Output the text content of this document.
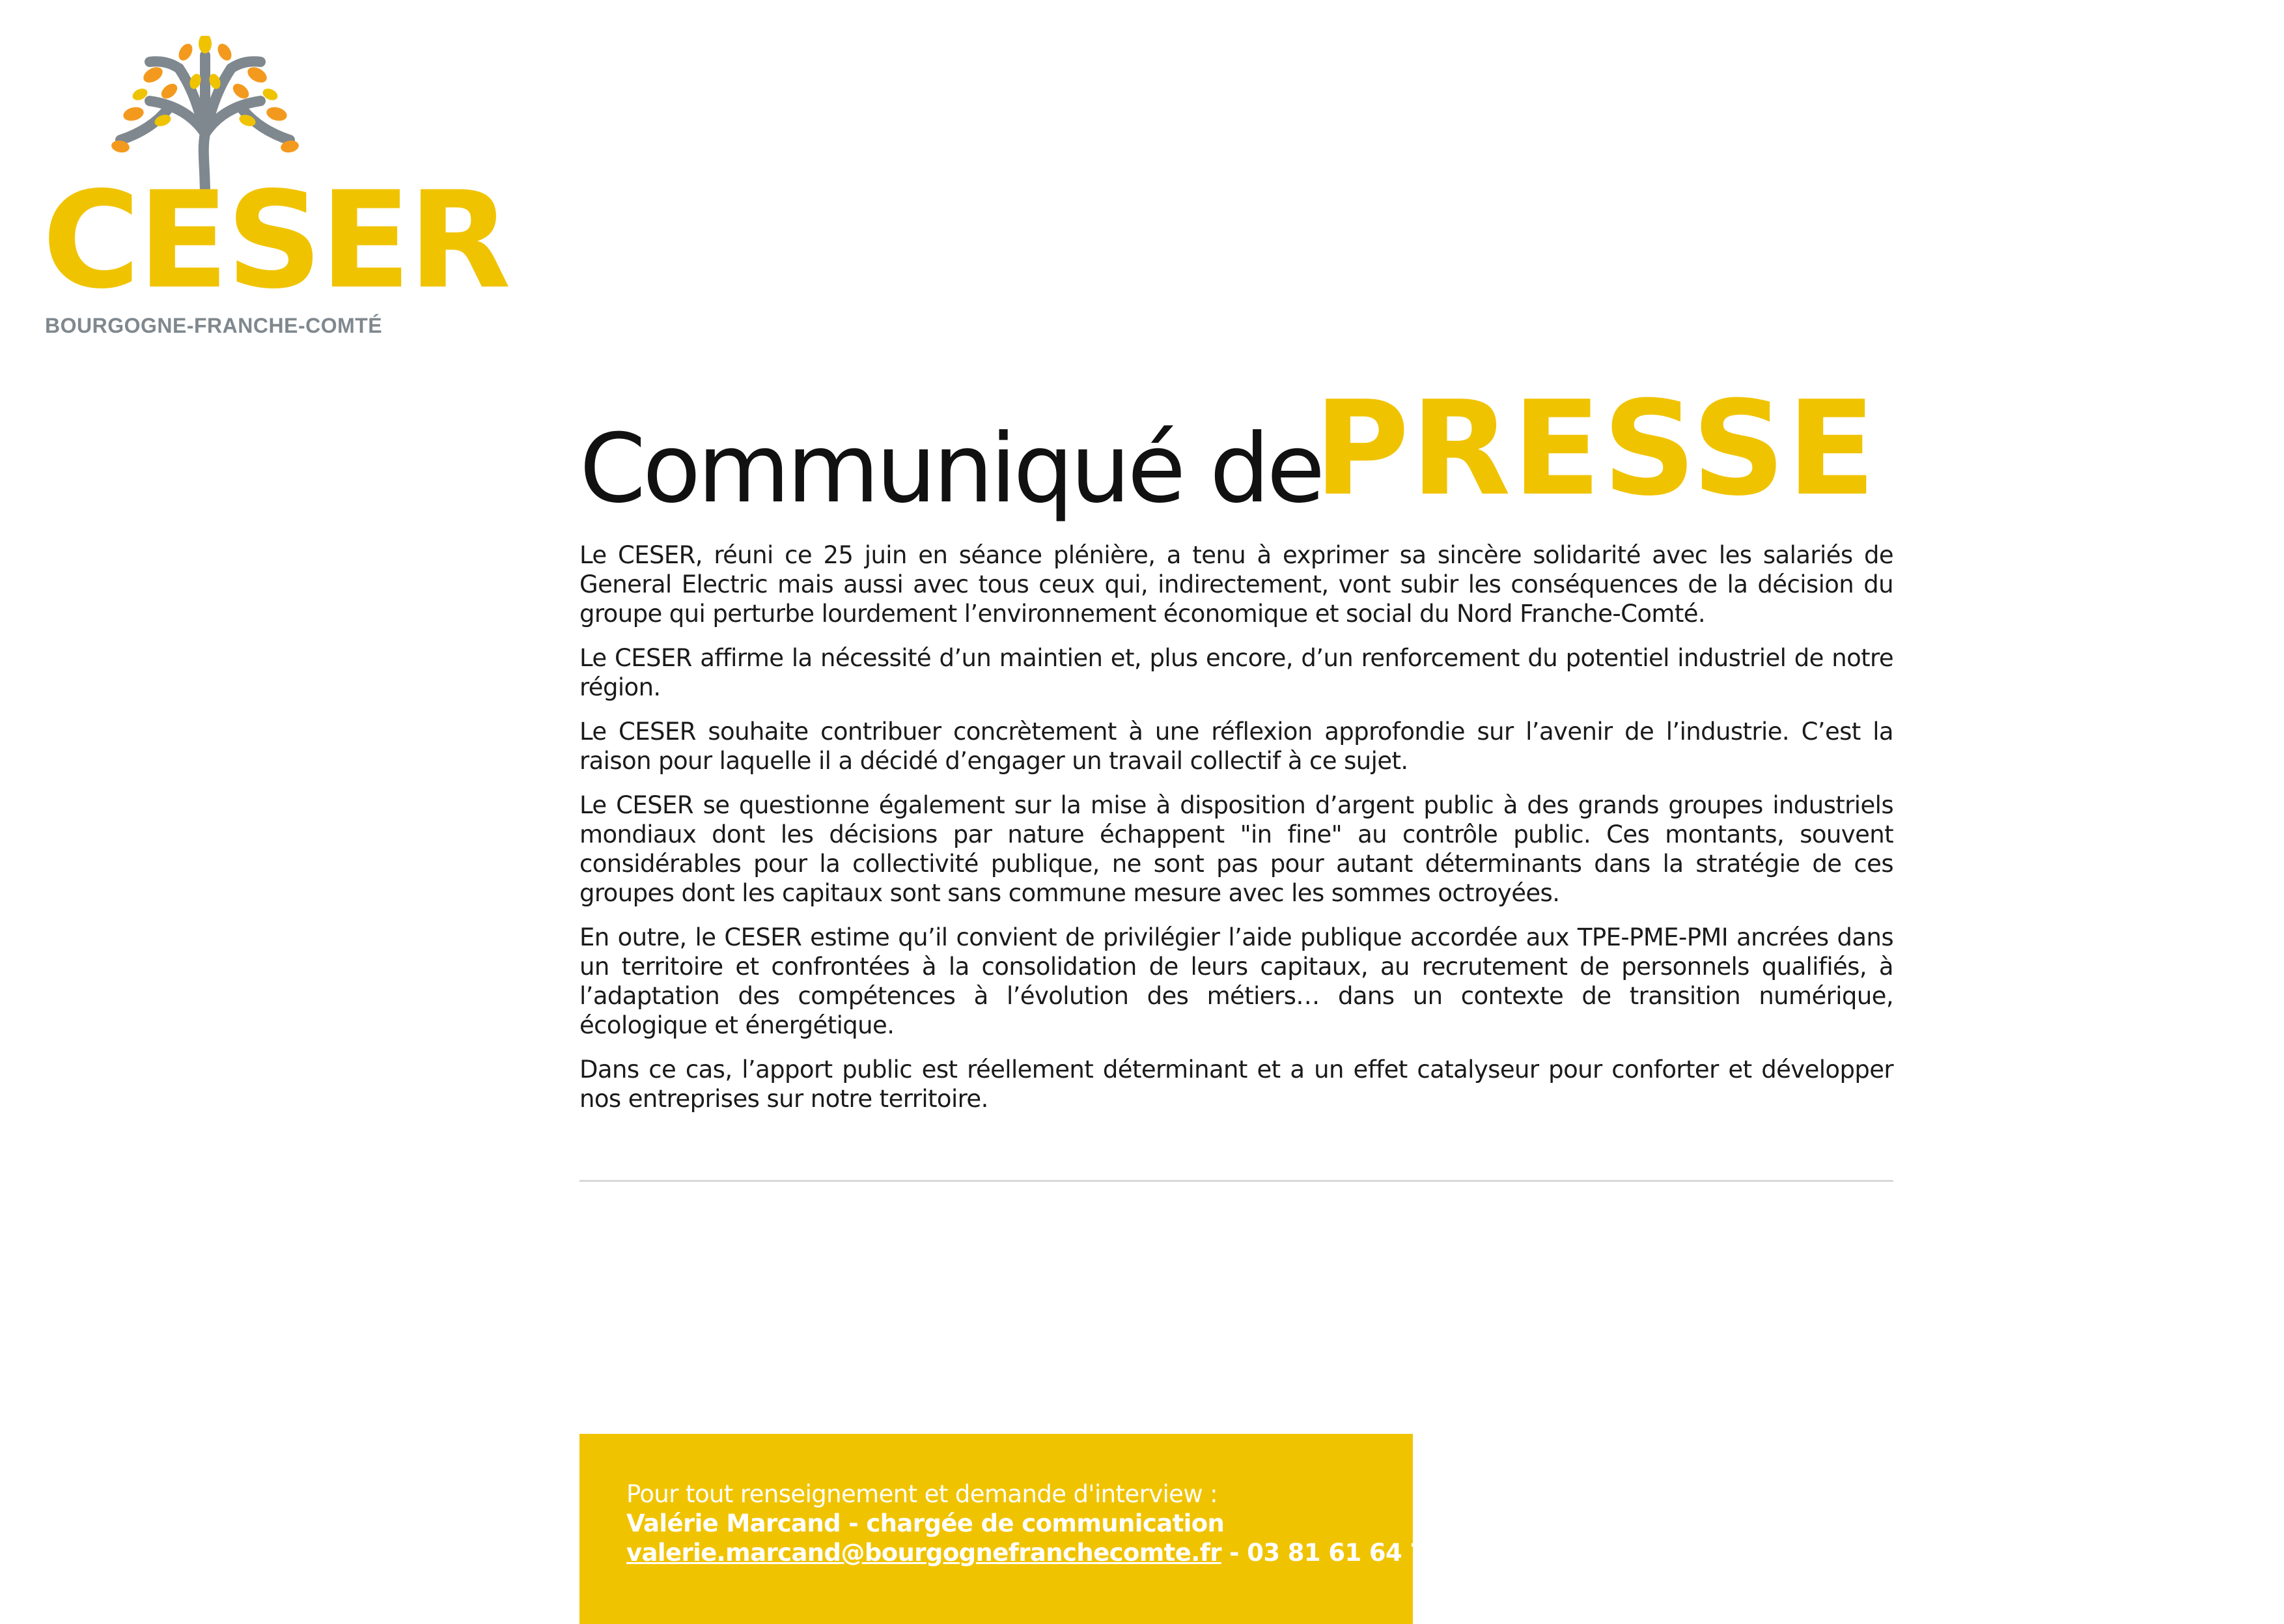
CESER
BOURGOGNE-FRANCHE-COMTÉ
Communiqué de
PRESSE

Le CESER, réuni ce 25 juin en séance plénière, a tenu à exprimer sa sincère solidarité avec les salariés de General Electric mais aussi avec tous ceux qui, indirectement, vont subir les conséquences de la décision du groupe qui perturbe lourdement l’environnement économique et social du Nord Franche-Comté.

Le CESER affirme la nécessité d’un maintien et, plus encore, d’un renforcement du potentiel industriel de notre région.

Le CESER souhaite contribuer concrètement à une réflexion approfondie sur l’avenir de l’industrie. C’est la raison pour laquelle il a décidé d’engager un travail collectif à ce sujet.

Le CESER se questionne également sur la mise à disposition d’argent public à des grands groupes industriels mondiaux dont les décisions par nature échappent "in fine" au contrôle public. Ces montants, souvent considérables pour la collectivité publique, ne sont pas pour autant déterminants dans la stratégie de ces groupes dont les capitaux sont sans commune mesure avec les sommes octroyées.

En outre, le CESER estime qu’il convient de privilégier l’aide publique accordée aux TPE-PME-PMI ancrées dans un territoire et confrontées à la consolidation de leurs capitaux, au recrutement de personnels qualifiés, à l’adaptation des compétences à l’évolution des métiers… dans un contexte de transition numérique, écologique et énergétique.

Dans ce cas, l’apport public est réellement déterminant et a un effet catalyseur pour conforter et développer nos entreprises sur notre territoire.

Pour tout renseignement et demande d'interview :
Valérie Marcand - chargée de communication
valerie.marcand@bourgognefranchecomte.fr - 03 81 61 64 78
